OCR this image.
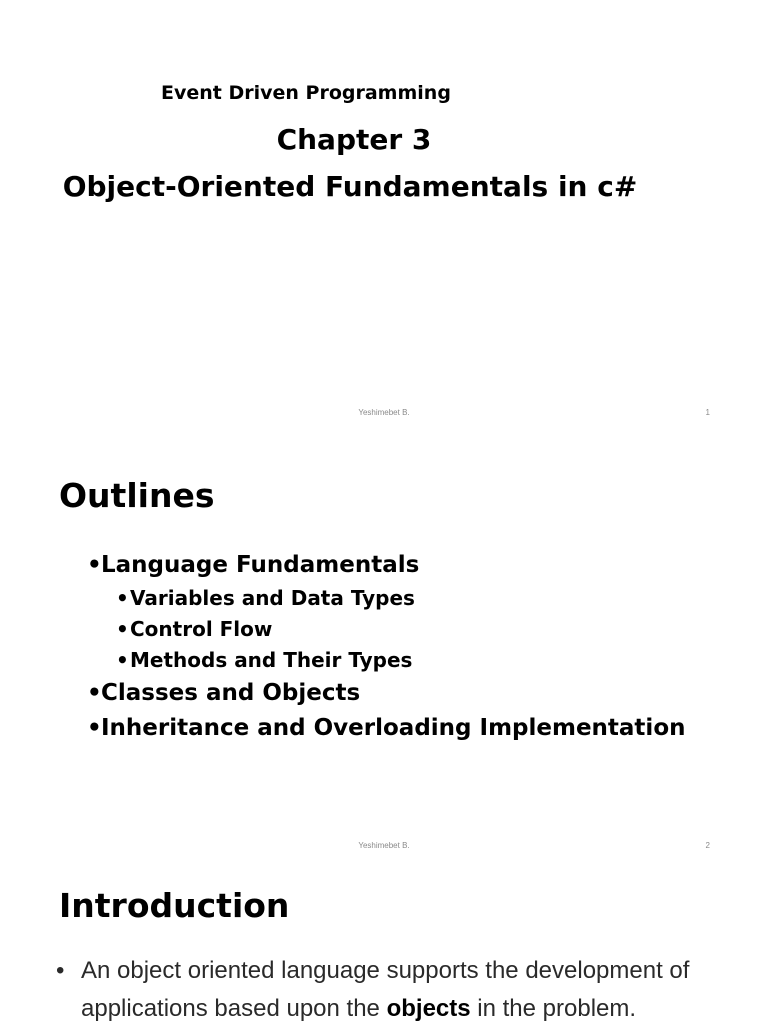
Event Driven Programming
Chapter 3
Object-Oriented Fundamentals in c#
Yeshimebet B.	1
Outlines
• Language Fundamentals
• Variables and Data Types
• Control Flow
• Methods and Their Types
• Classes and Objects
• Inheritance and Overloading Implementation
Yeshimebet B.	2
Introduction
• An object oriented language supports the development of applications based upon the objects in the problem.
